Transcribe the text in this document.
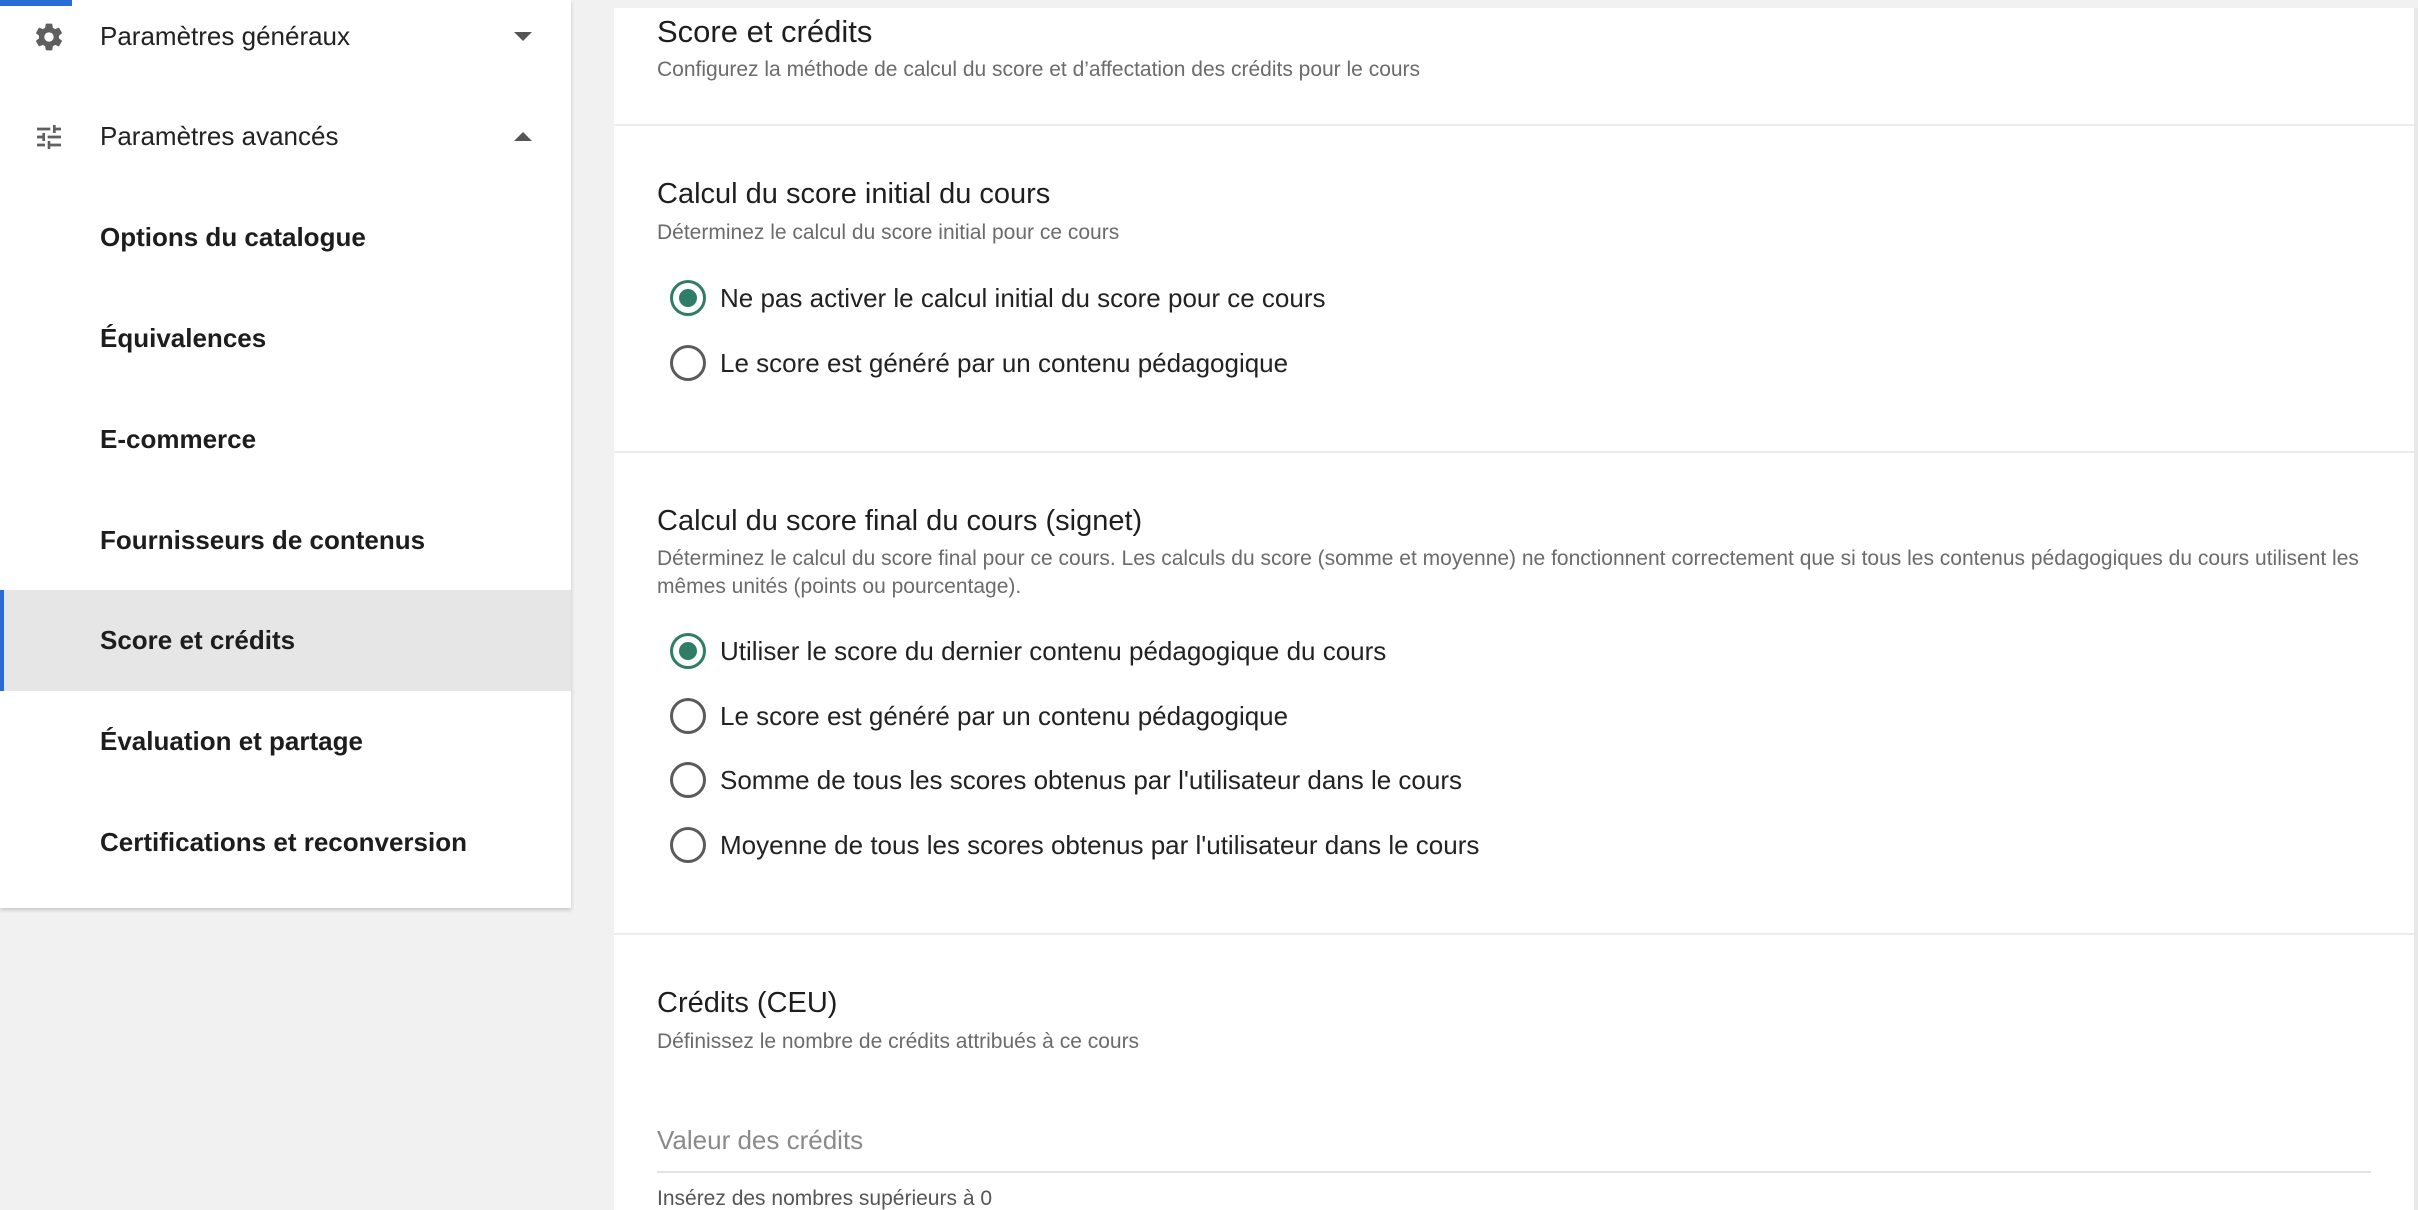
Paramètres généraux
Paramètres avancés
Options du catalogue
Équivalences
E-commerce
Fournisseurs de contenus
Score et crédits
Évaluation et partage
Certifications et reconversion
Score et crédits

Configurez la méthode de calcul du score et d’affectation des crédits pour le cours

Calcul du score initial du cours

Déterminez le calcul du score initial pour ce cours

Ne pas activer le calcul initial du score pour ce cours
Le score est généré par un contenu pédagogique
Calcul du score final du cours (signet)

Déterminez le calcul du score final pour ce cours. Les calculs du score (somme et moyenne) ne fonctionnent correctement que si tous les contenus pédagogiques du cours utilisent les mêmes unités (points ou pourcentage).

Utiliser le score du dernier contenu pédagogique du cours
Le score est généré par un contenu pédagogique
Somme de tous les scores obtenus par l'utilisateur dans le cours
Moyenne de tous les scores obtenus par l'utilisateur dans le cours
Crédits (CEU)

Définissez le nombre de crédits attribués à ce cours

Valeur des crédits
Insérez des nombres supérieurs à 0
